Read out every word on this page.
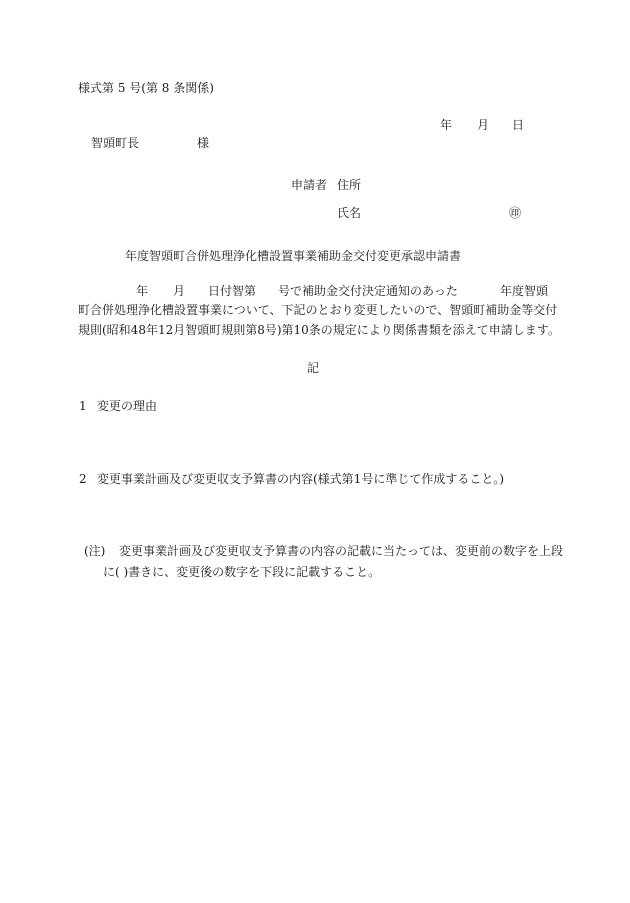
様式第 5 号(第 8 条関係)
年 月 日
智頭町長	様
申請者 住所
氏名	㊞
年度智頭町合併処理浄化槽設置事業補助金交付変更承認申請書
年 月 日付智第 号で補助金交付決定通知のあった	年度智頭
町合併処理浄化槽設置事業について、下記のとおり変更したいので、智頭町補助金等交付
規則(昭和48年12月智頭町規則第8号)第10条の規定により関係書類を添えて申請します。
記
1 変更の理由
2 変更事業計画及び変更収支予算書の内容(様式第1号に準じて作成すること。)
(注) 変更事業計画及び変更収支予算書の内容の記載に当たっては、変更前の数字を上段
に( )書きに、変更後の数字を下段に記載すること。
